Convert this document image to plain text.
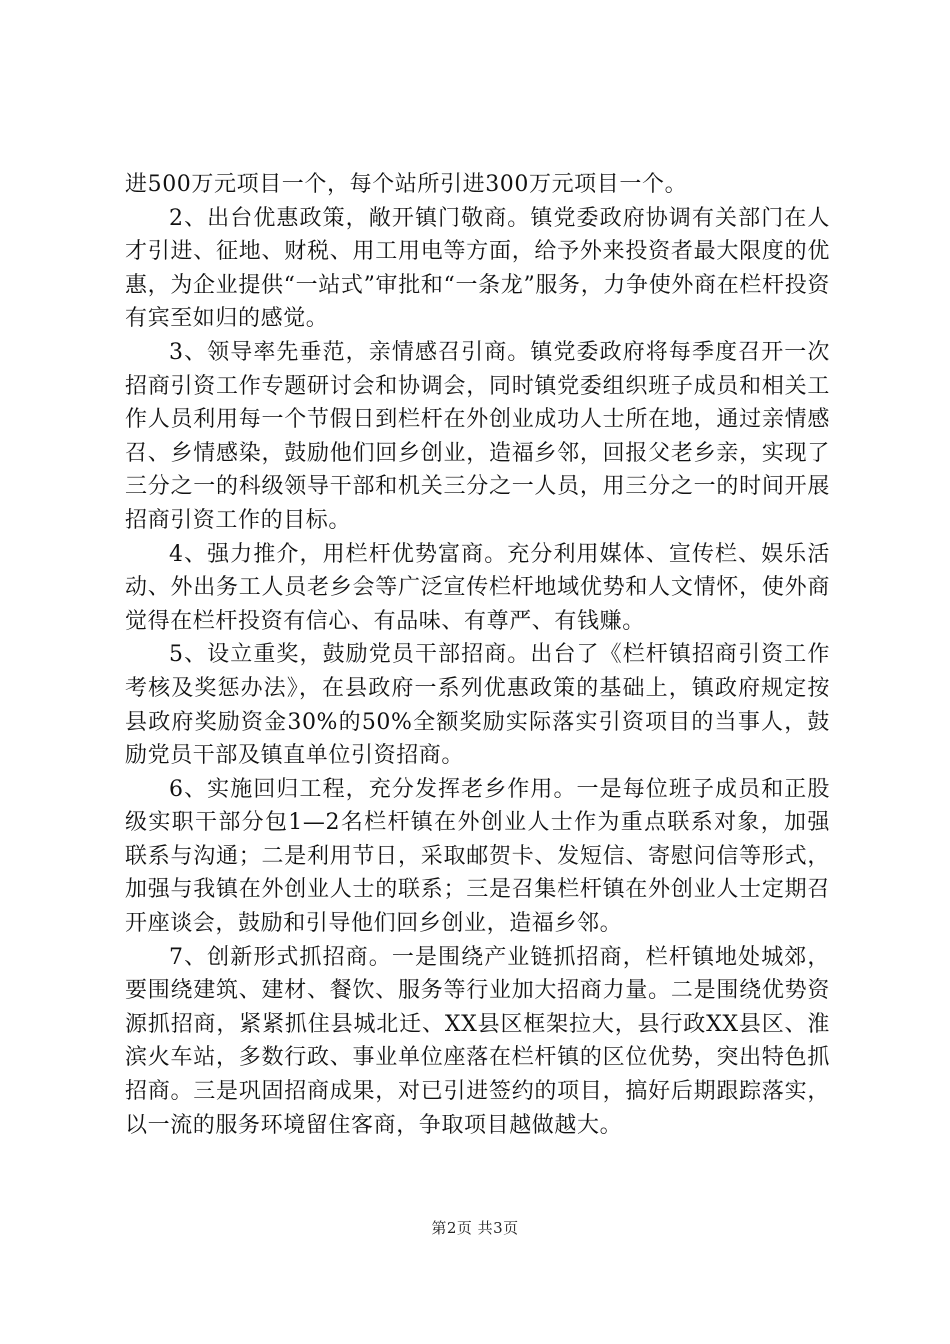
进500万元项目一个，每个站所引进300万元项目一个。

2、出台优惠政策，敞开镇门敬商。镇党委政府协调有关部门在人才引进、征地、财税、用工用电等方面，给予外来投资者最大限度的优惠，为企业提供“一站式”审批和“一条龙”服务，力争使外商在栏杆投资有宾至如归的感觉。

3、领导率先垂范，亲情感召引商。镇党委政府将每季度召开一次招商引资工作专题研讨会和协调会，同时镇党委组织班子成员和相关工作人员利用每一个节假日到栏杆在外创业成功人士所在地，通过亲情感召、乡情感染，鼓励他们回乡创业，造福乡邻，回报父老乡亲，实现了三分之一的科级领导干部和机关三分之一人员，用三分之一的时间开展招商引资工作的目标。

4、强力推介，用栏杆优势富商。充分利用媒体、宣传栏、娱乐活动、外出务工人员老乡会等广泛宣传栏杆地域优势和人文情怀，使外商觉得在栏杆投资有信心、有品味、有尊严、有钱赚。

5、设立重奖，鼓励党员干部招商。出台了《栏杆镇招商引资工作考核及奖惩办法》，在县政府一系列优惠政策的基础上，镇政府规定按县政府奖励资金30%的50%全额奖励实际落实引资项目的当事人，鼓励党员干部及镇直单位引资招商。

6、实施回归工程，充分发挥老乡作用。一是每位班子成员和正股级实职干部分包1—2名栏杆镇在外创业人士作为重点联系对象，加强联系与沟通；二是利用节日，采取邮贺卡、发短信、寄慰问信等形式，加强与我镇在外创业人士的联系；三是召集栏杆镇在外创业人士定期召开座谈会，鼓励和引导他们回乡创业，造福乡邻。

7、创新形式抓招商。一是围绕产业链抓招商，栏杆镇地处城郊，要围绕建筑、建材、餐饮、服务等行业加大招商力量。二是围绕优势资源抓招商，紧紧抓住县城北迁、XX县区框架拉大，县行政XX县区、淮滨火车站，多数行政、事业单位座落在栏杆镇的区位优势，突出特色抓招商。三是巩固招商成果，对已引进签约的项目，搞好后期跟踪落实，以一流的服务环境留住客商，争取项目越做越大。

第2页 共3页
